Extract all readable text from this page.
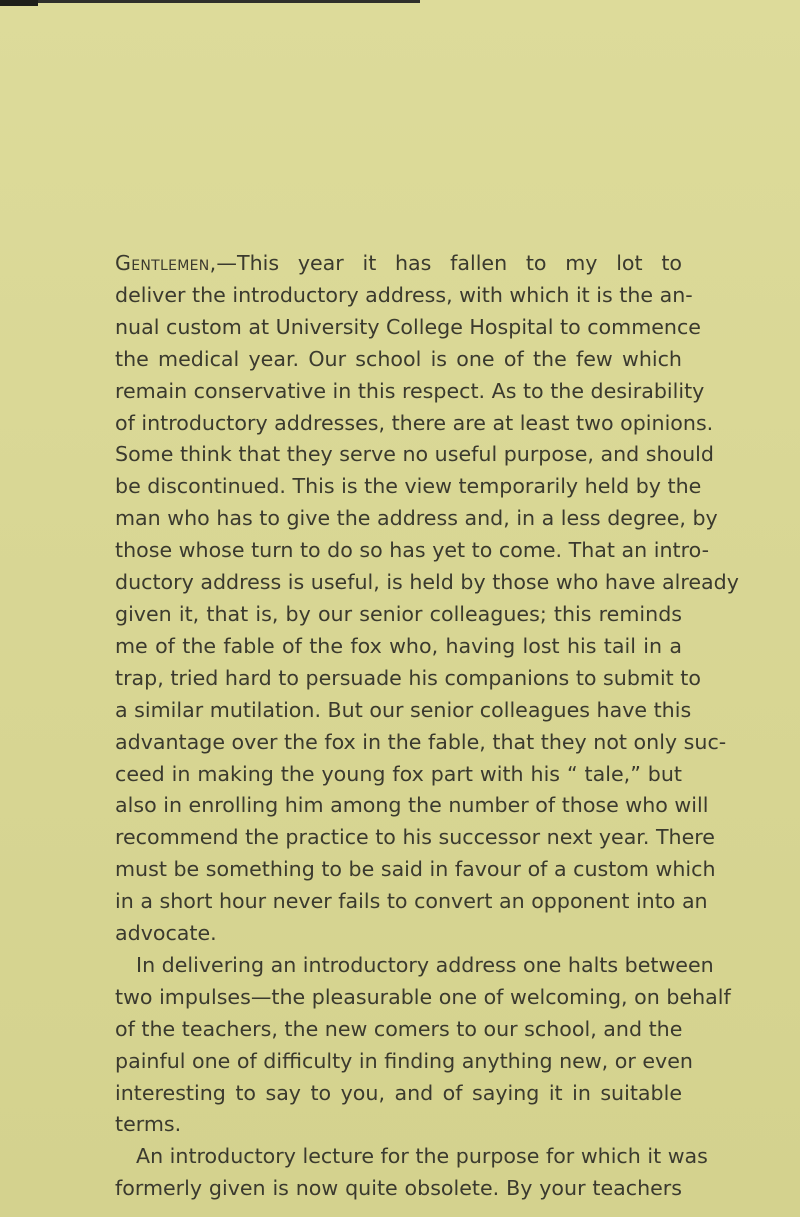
Gentlemen,—This year it has fallen to my lot to
deliver the introductory address, with which it is the an-
nual custom at University College Hospital to commence
the medical year. Our school is one of the few which
remain conservative in this respect. As to the desirability
of introductory addresses, there are at least two opinions.
Some think that they serve no useful purpose, and should
be discontinued. This is the view temporarily held by the
man who has to give the address and, in a less degree, by
those whose turn to do so has yet to come. That an intro-
ductory address is useful, is held by those who have already
given it, that is, by our senior colleagues; this reminds
me of the fable of the fox who, having lost his tail in a
trap, tried hard to persuade his companions to submit to
a similar mutilation. But our senior colleagues have this
advantage over the fox in the fable, that they not only suc-
ceed in making the young fox part with his “ tale,” but
also in enrolling him among the number of those who will
recommend the practice to his successor next year. There
must be something to be said in favour of a custom which
in a short hour never fails to convert an opponent into an
advocate.

In delivering an introductory address one halts between
two impulses—the pleasurable one of welcoming, on behalf
of the teachers, the new comers to our school, and the
painful one of difficulty in finding anything new, or even
interesting to say to you, and of saying it in suitable
terms.

An introductory lecture for the purpose for which it was
formerly given is now quite obsolete. By your teachers
